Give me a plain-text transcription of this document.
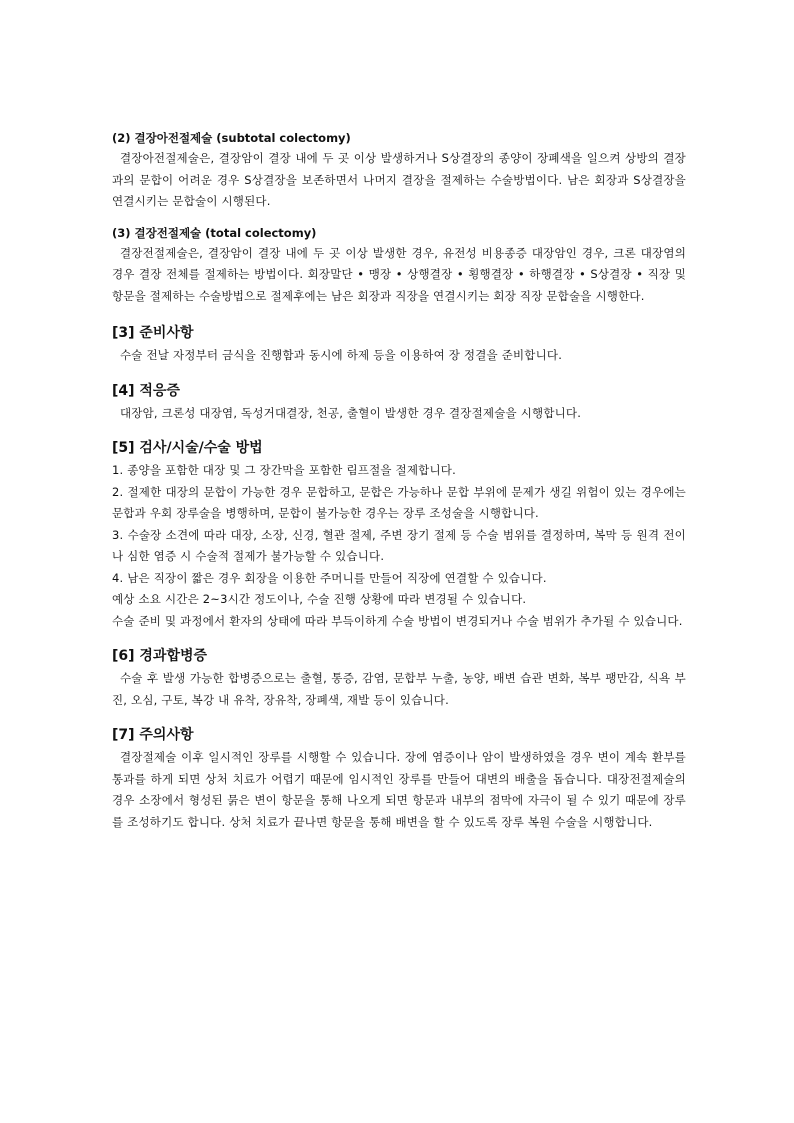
(2) 결장아전절제술 (subtotal colectomy)

결장아전절제술은, 결장암이 결장 내에 두 곳 이상 발생하거나 S상결장의 종양이 장폐색을 일으켜 상방의 결장과의 문합이 어려운 경우 S상결장을 보존하면서 나머지 결장을 절제하는 수술방법이다. 남은 회장과 S상결장을 연결시키는 문합술이 시행된다.

(3) 결장전절제술 (total colectomy)

결장전절제술은, 결장암이 결장 내에 두 곳 이상 발생한 경우, 유전성 비용종증 대장암인 경우, 크론 대장염의 경우 결장 전체를 절제하는 방법이다. 회장말단 • 맹장 • 상행결장 • 횡행결장 • 하행결장 • S상결장 • 직장 및 항문을 절제하는 수술방법으로 절제후에는 남은 회장과 직장을 연결시키는 회장 직장 문합술을 시행한다.

[3] 준비사항

수술 전날 자정부터 금식을 진행함과 동시에 하제 등을 이용하여 장 정결을 준비합니다.

[4] 적응증

대장암, 크론성 대장염, 독성거대결장, 천공, 출혈이 발생한 경우 결장절제술을 시행합니다.

[5] 검사/시술/수술 방법

1. 종양을 포함한 대장 및 그 장간막을 포함한 림프절을 절제합니다.

2. 절제한 대장의 문합이 가능한 경우 문합하고, 문합은 가능하나 문합 부위에 문제가 생길 위험이 있는 경우에는 문합과 우회 장루술을 병행하며, 문합이 불가능한 경우는 장루 조성술을 시행합니다.

3. 수술장 소견에 따라 대장, 소장, 신경, 혈관 절제, 주변 장기 절제 등 수술 범위를 결정하며, 복막 등 원격 전이나 심한 염증 시 수술적 절제가 불가능할 수 있습니다.

4. 남은 직장이 짧은 경우 회장을 이용한 주머니를 만들어 직장에 연결할 수 있습니다.

예상 소요 시간은 2~3시간 정도이나, 수술 진행 상황에 따라 변경될 수 있습니다.

수술 준비 및 과정에서 환자의 상태에 따라 부득이하게 수술 방법이 변경되거나 수술 범위가 추가될 수 있습니다.

[6] 경과합병증

수술 후 발생 가능한 합병증으로는 출혈, 통증, 감염, 문합부 누출, 농양, 배변 습관 변화, 복부 팽만감, 식욕 부진, 오심, 구토, 복강 내 유착, 장유착, 장폐색, 재발 등이 있습니다.

[7] 주의사항

결장절제술 이후 일시적인 장루를 시행할 수 있습니다. 장에 염증이나 암이 발생하였을 경우 변이 계속 환부를 통과를 하게 되면 상처 치료가 어렵기 때문에 임시적인 장루를 만들어 대변의 배출을 돕습니다. 대장전절제술의 경우 소장에서 형성된 묽은 변이 항문을 통해 나오게 되면 항문과 내부의 점막에 자극이 될 수 있기 때문에 장루를 조성하기도 합니다. 상처 치료가 끝나면 항문을 통해 배변을 할 수 있도록 장루 복원 수술을 시행합니다.
